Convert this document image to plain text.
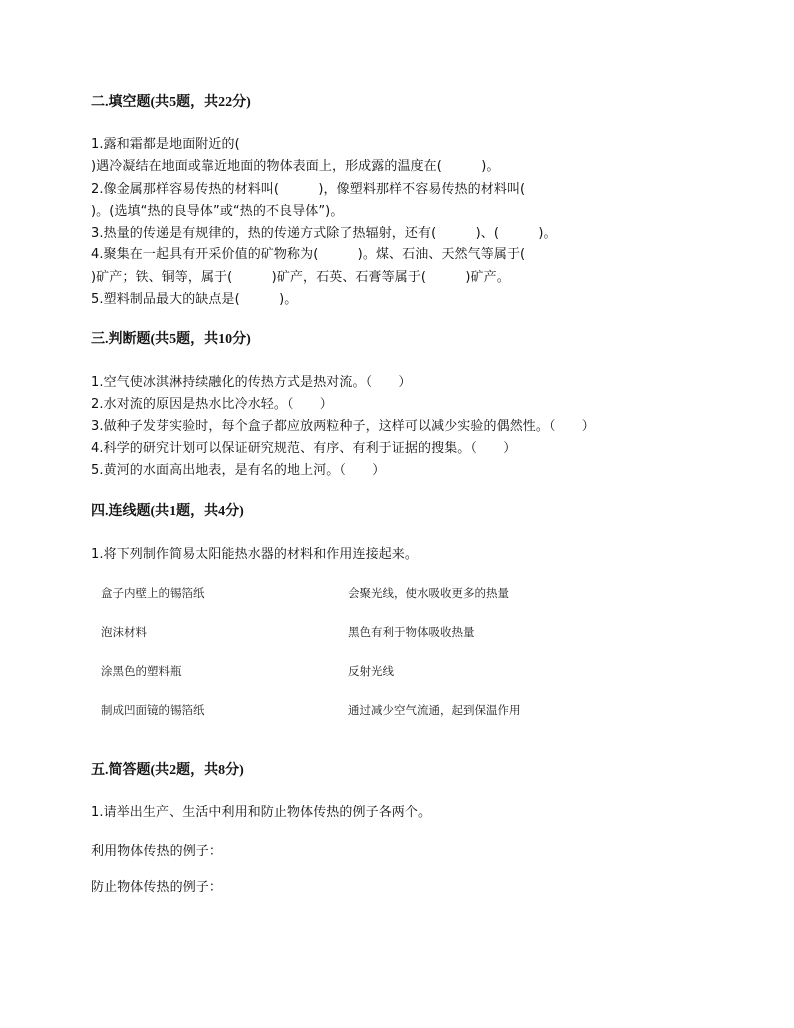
二.填空题(共5题，共22分)
1.露和霜都是地面附近的(
)遇冷凝结在地面或靠近地面的物体表面上，形成露的温度在(　　　)。
2.像金属那样容易传热的材料叫(　　　)，像塑料那样不容易传热的材料叫(
)。(选填“热的良导体”或“热的不良导体”)。
3.热量的传递是有规律的，热的传递方式除了热辐射，还有(　　　)、(　　　)。
4.聚集在一起具有开采价值的矿物称为(　　　)。煤、石油、天然气等属于(
)矿产；铁、铜等，属于(　　　)矿产，石英、石膏等属于(　　　)矿产。
5.塑料制品最大的缺点是(　　　)。
三.判断题(共5题，共10分)
1.空气使冰淇淋持续融化的传热方式是热对流。（　　）
2.水对流的原因是热水比冷水轻。（　　）
3.做种子发芽实验时，每个盒子都应放两粒种子，这样可以减少实验的偶然性。（　　）
4.科学的研究计划可以保证研究规范、有序、有利于证据的搜集。（　　）
5.黄河的水面高出地表，是有名的地上河。（　　）
四.连线题(共1题，共4分)
1.将下列制作简易太阳能热水器的材料和作用连接起来。
盒子内壁上的锡箔纸	会聚光线，使水吸收更多的热量
泡沫材料	黑色有利于物体吸收热量
涂黑色的塑料瓶	反射光线
制成凹面镜的锡箔纸	通过减少空气流通，起到保温作用
五.简答题(共2题，共8分)
1.请举出生产、生活中利用和防止物体传热的例子各两个。
利用物体传热的例子：
防止物体传热的例子：
